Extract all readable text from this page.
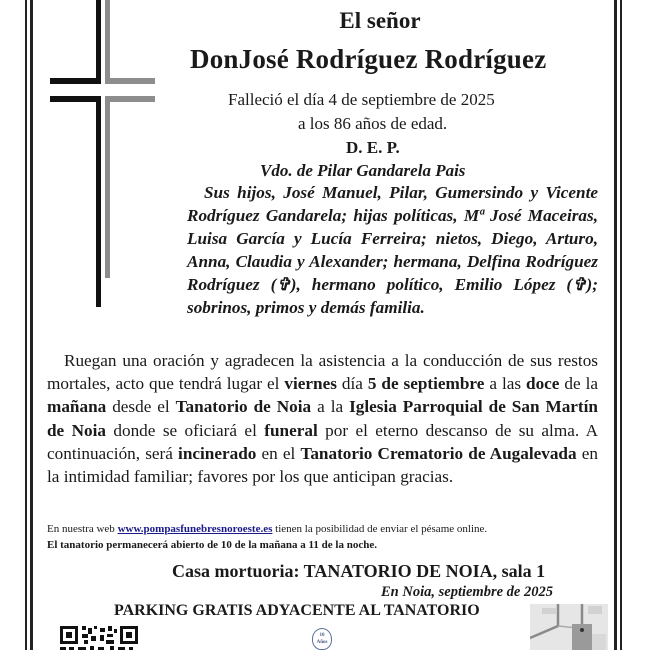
El señor
DonJosé Rodríguez Rodríguez
Falleció el día 4 de septiembre de 2025
a los 86 años de edad.
D. E. P.
Vdo. de Pilar Gandarela Pais
Sus hijos, José Manuel, Pilar, Gumersindo y Vicente Rodríguez Gandarela; hijas políticas, Mª José Maceiras, Luisa García y Lucía Ferreira; nietos, Diego, Arturo, Anna, Claudia y Alexander; hermana, Delfina Rodríguez Rodríguez (✞), hermano político, Emilio López (✞); sobrinos, primos y demás familia.
Ruegan una oración y agradecen la asistencia a la conducción de sus restos mortales, acto que tendrá lugar el viernes día 5 de septiembre a las doce de la mañana desde el Tanatorio de Noia a la Iglesia Parroquial de San Martín de Noia donde se oficiará el funeral por el eterno descanso de su alma. A continuación, será incinerado en el Tanatorio Crematorio de Augalevada en la intimidad familiar; favores por los que anticipan gracias.
En nuestra web www.pompasfunebresnoroeste.es tienen la posibilidad de enviar el pésame online.
El tanatorio permanecerá abierto de 10 de la mañana a 11 de la noche.
Casa mortuoria: TANATORIO DE NOIA, sala 1
En Noia, septiembre de 2025
PARKING GRATIS ADYACENTE AL TANATORIO
10
Años
